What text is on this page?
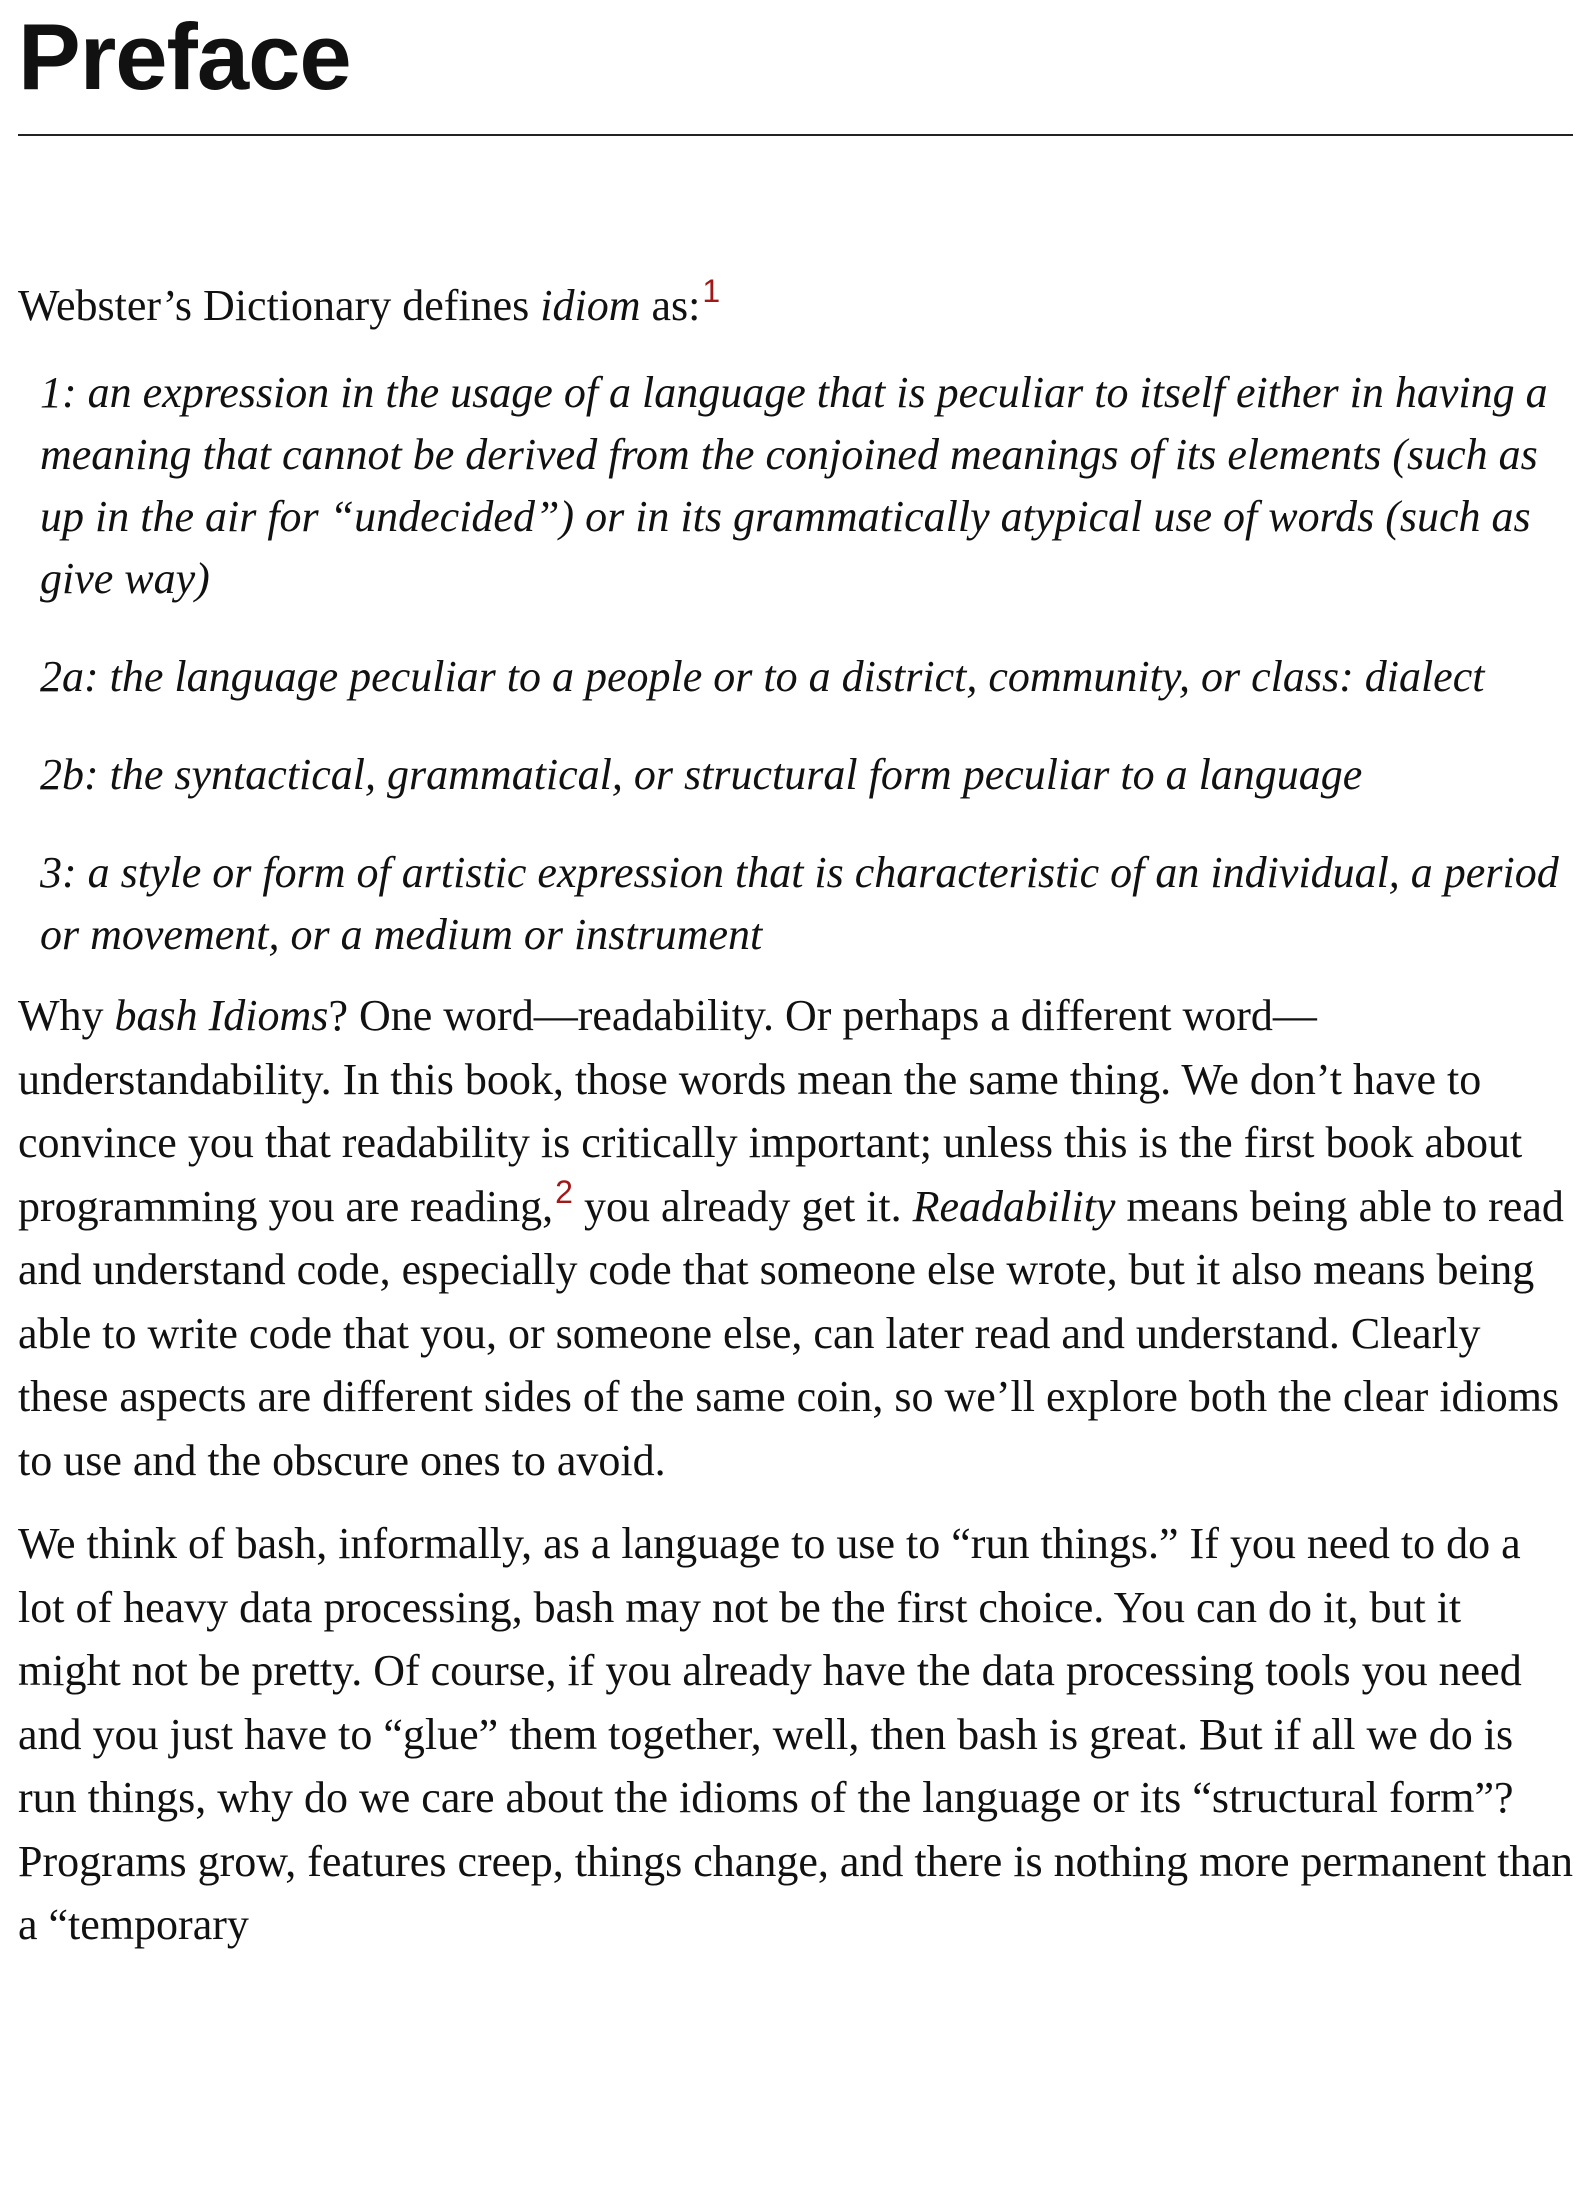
Preface

Webster’s Dictionary defines idiom as:$^1$

1: an expression in the usage of a language that is peculiar to itself either in having a meaning that cannot be derived from the conjoined meanings of its elements (such as up in the air for “undecided”) or in its grammatically atypical use of words (such as give way)

2a: the language peculiar to a people or to a district, community, or class: dialect

2b: the syntactical, grammatical, or structural form peculiar to a language

3: a style or form of artistic expression that is characteristic of an individual, a period or movement, or a medium or instrument

Why bash Idioms? One word—readability. Or perhaps a different word—understandability. In this book, those words mean the same thing. We don’t have to convince you that readability is critically important; unless this is the first book about programming you are reading,$^2$ you already get it. Readability means being able to read and understand code, especially code that someone else wrote, but it also means being able to write code that you, or someone else, can later read and understand. Clearly these aspects are different sides of the same coin, so we’ll explore both the clear idioms to use and the obscure ones to avoid.

We think of bash, informally, as a language to use to “run things.” If you need to do a lot of heavy data processing, bash may not be the first choice. You can do it, but it might not be pretty. Of course, if you already have the data processing tools you need and you just have to “glue” them together, well, then bash is great. But if all we do is run things, why do we care about the idioms of the language or its “structural form”? Programs grow, features creep, things change, and there is nothing more permanent than a “temporary
